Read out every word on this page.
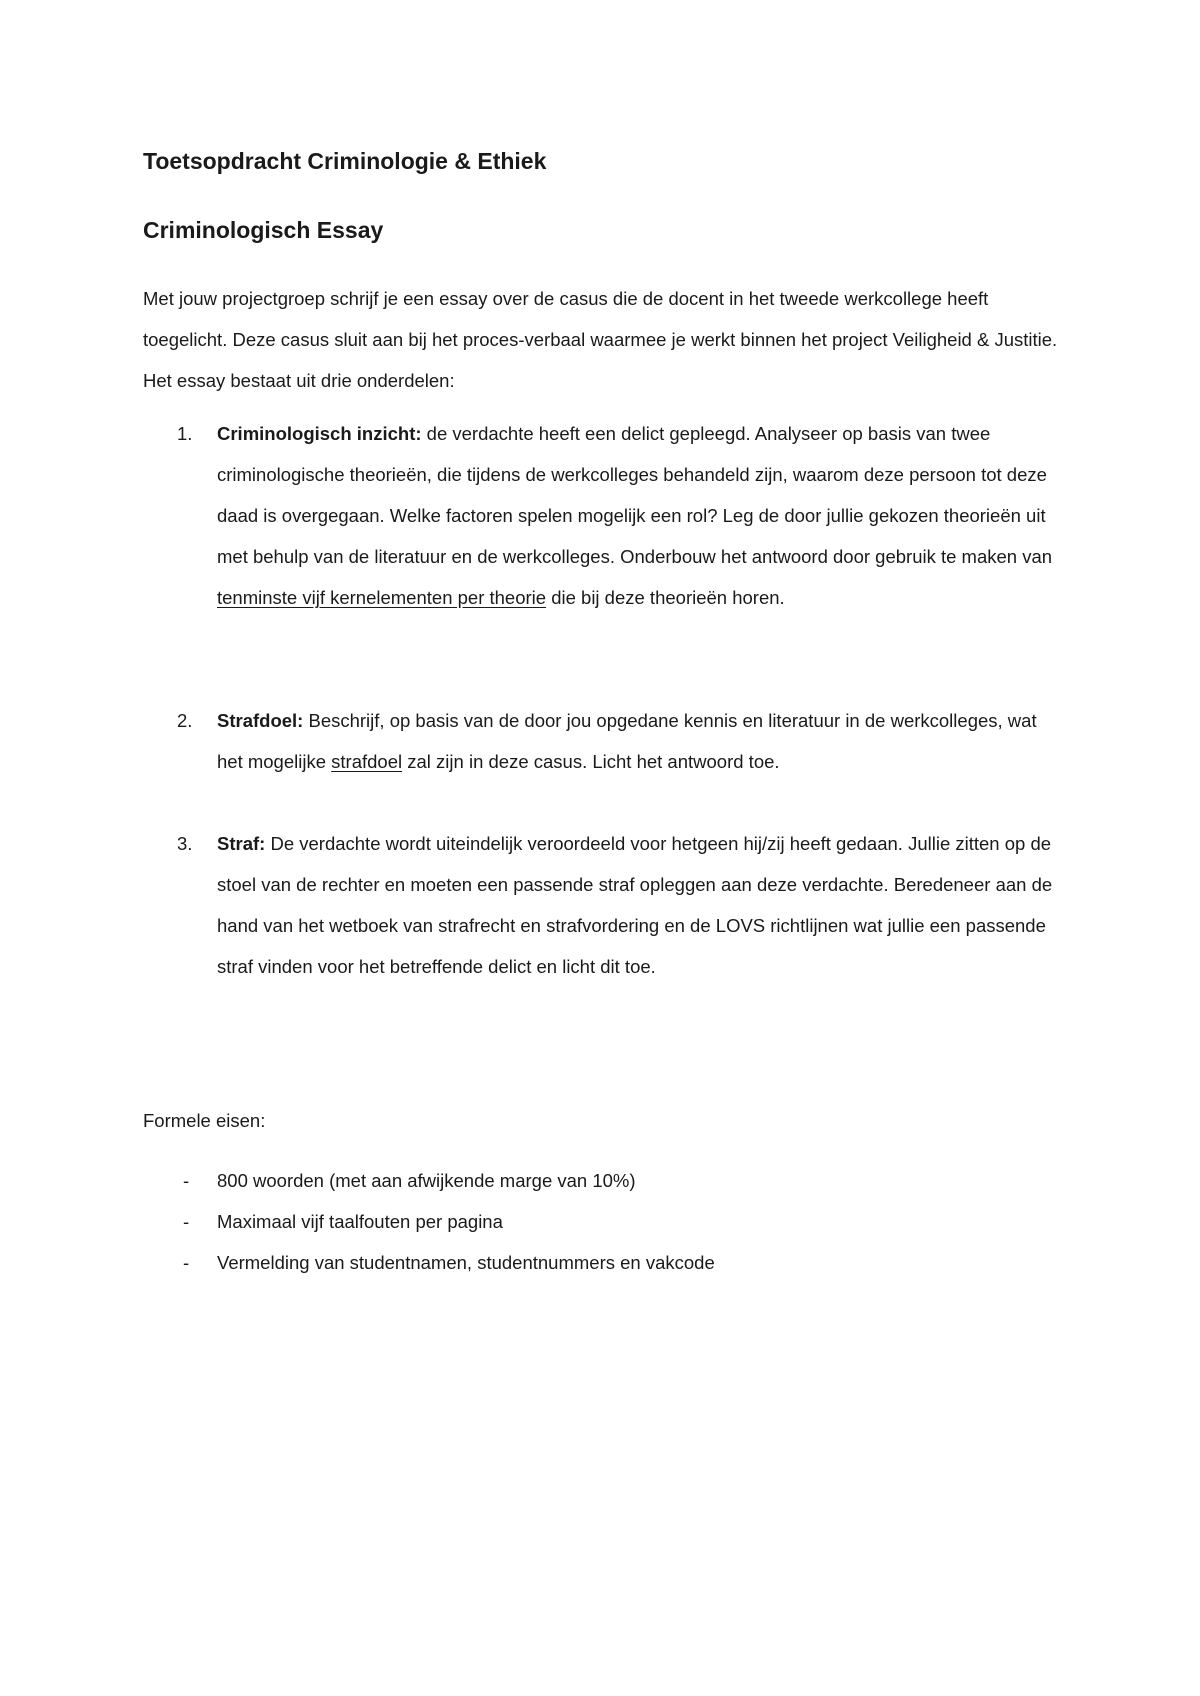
Toetsopdracht Criminologie & Ethiek
Criminologisch Essay

Met jouw projectgroep schrijf je een essay over de casus die de docent in het tweede werkcollege heeft toegelicht. Deze casus sluit aan bij het proces-verbaal waarmee je werkt binnen het project Veiligheid & Justitie. Het essay bestaat uit drie onderdelen:

1. Criminologisch inzicht: de verdachte heeft een delict gepleegd. Analyseer op basis van twee criminologische theorieën, die tijdens de werkcolleges behandeld zijn, waarom deze persoon tot deze daad is overgegaan. Welke factoren spelen mogelijk een rol? Leg de door jullie gekozen theorieën uit met behulp van de literatuur en de werkcolleges. Onderbouw het antwoord door gebruik te maken van tenminste vijf kernelementen per theorie die bij deze theorieën horen.
2. Strafdoel: Beschrijf, op basis van de door jou opgedane kennis en literatuur in de werkcolleges, wat het mogelijke strafdoel zal zijn in deze casus. Licht het antwoord toe.
3. Straf: De verdachte wordt uiteindelijk veroordeeld voor hetgeen hij/zij heeft gedaan. Jullie zitten op de stoel van de rechter en moeten een passende straf opleggen aan deze verdachte. Beredeneer aan de hand van het wetboek van strafrecht en strafvordering en de LOVS richtlijnen wat jullie een passende straf vinden voor het betreffende delict en licht dit toe.

Formele eisen:

- 800 woorden (met aan afwijkende marge van 10%)
- Maximaal vijf taalfouten per pagina
- Vermelding van studentnamen, studentnummers en vakcode
